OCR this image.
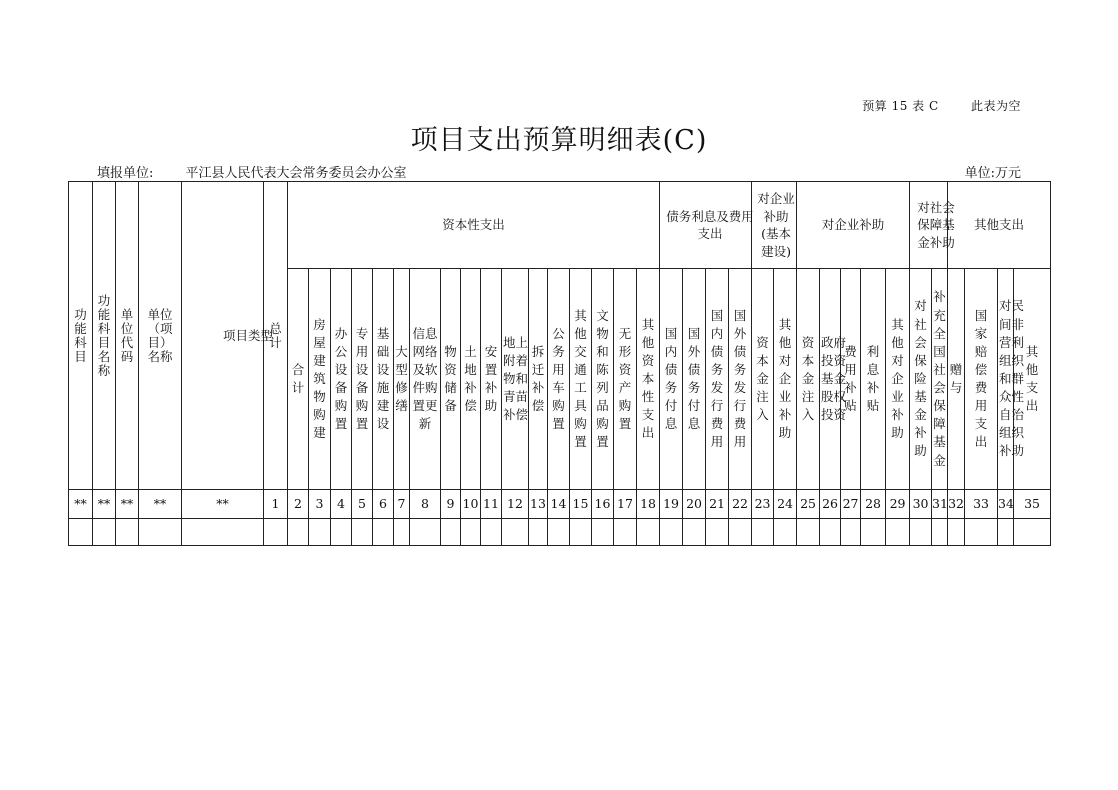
预算 15 表 C	此表为空
项目支出预算明细表(C)
填报单位: 平江县人民代表大会常务委员会办公室	单位:万元
功能科目	功能科目名称	单位代码	单位（项目）名称	项目类型	总计	资本性支出																	债务利息及费用支出				对企业补助(基本建设)		对企业补助					对社会保障基金补助		其他支出			

						合计	房屋建筑物购建	办公设备购置	专用设备购置	基础设施建设	大型修缮	信息网络及软件购置更新	物资储备	土地补偿	安置补助	地上附着物和青苗补偿	拆迁补偿	公务用车购置	其他交通工具购置	文物和陈列品购置	无形资产购置	其他资本性支出	国内债务付息	国外债务付息	国内债务发行费用	国外债务发行费用	资本金注入	其他对企业补助	资本金注入	政府投资基金股权投资	费用补贴	利息补贴	其他对企业补助	对社会保险基金补助	补充全国社会保障基金	赠与	国家赔偿费用支出	对民间非营利组织和群众性自治组织补助	其他支出

**	**	**	**	**	1	2	3	4	5	6	7	8	9	10	11	12	13	14	15	16	17	18	19	20	21	22	23	24	25	26	27	28	29	30	31	32	33	34	35
